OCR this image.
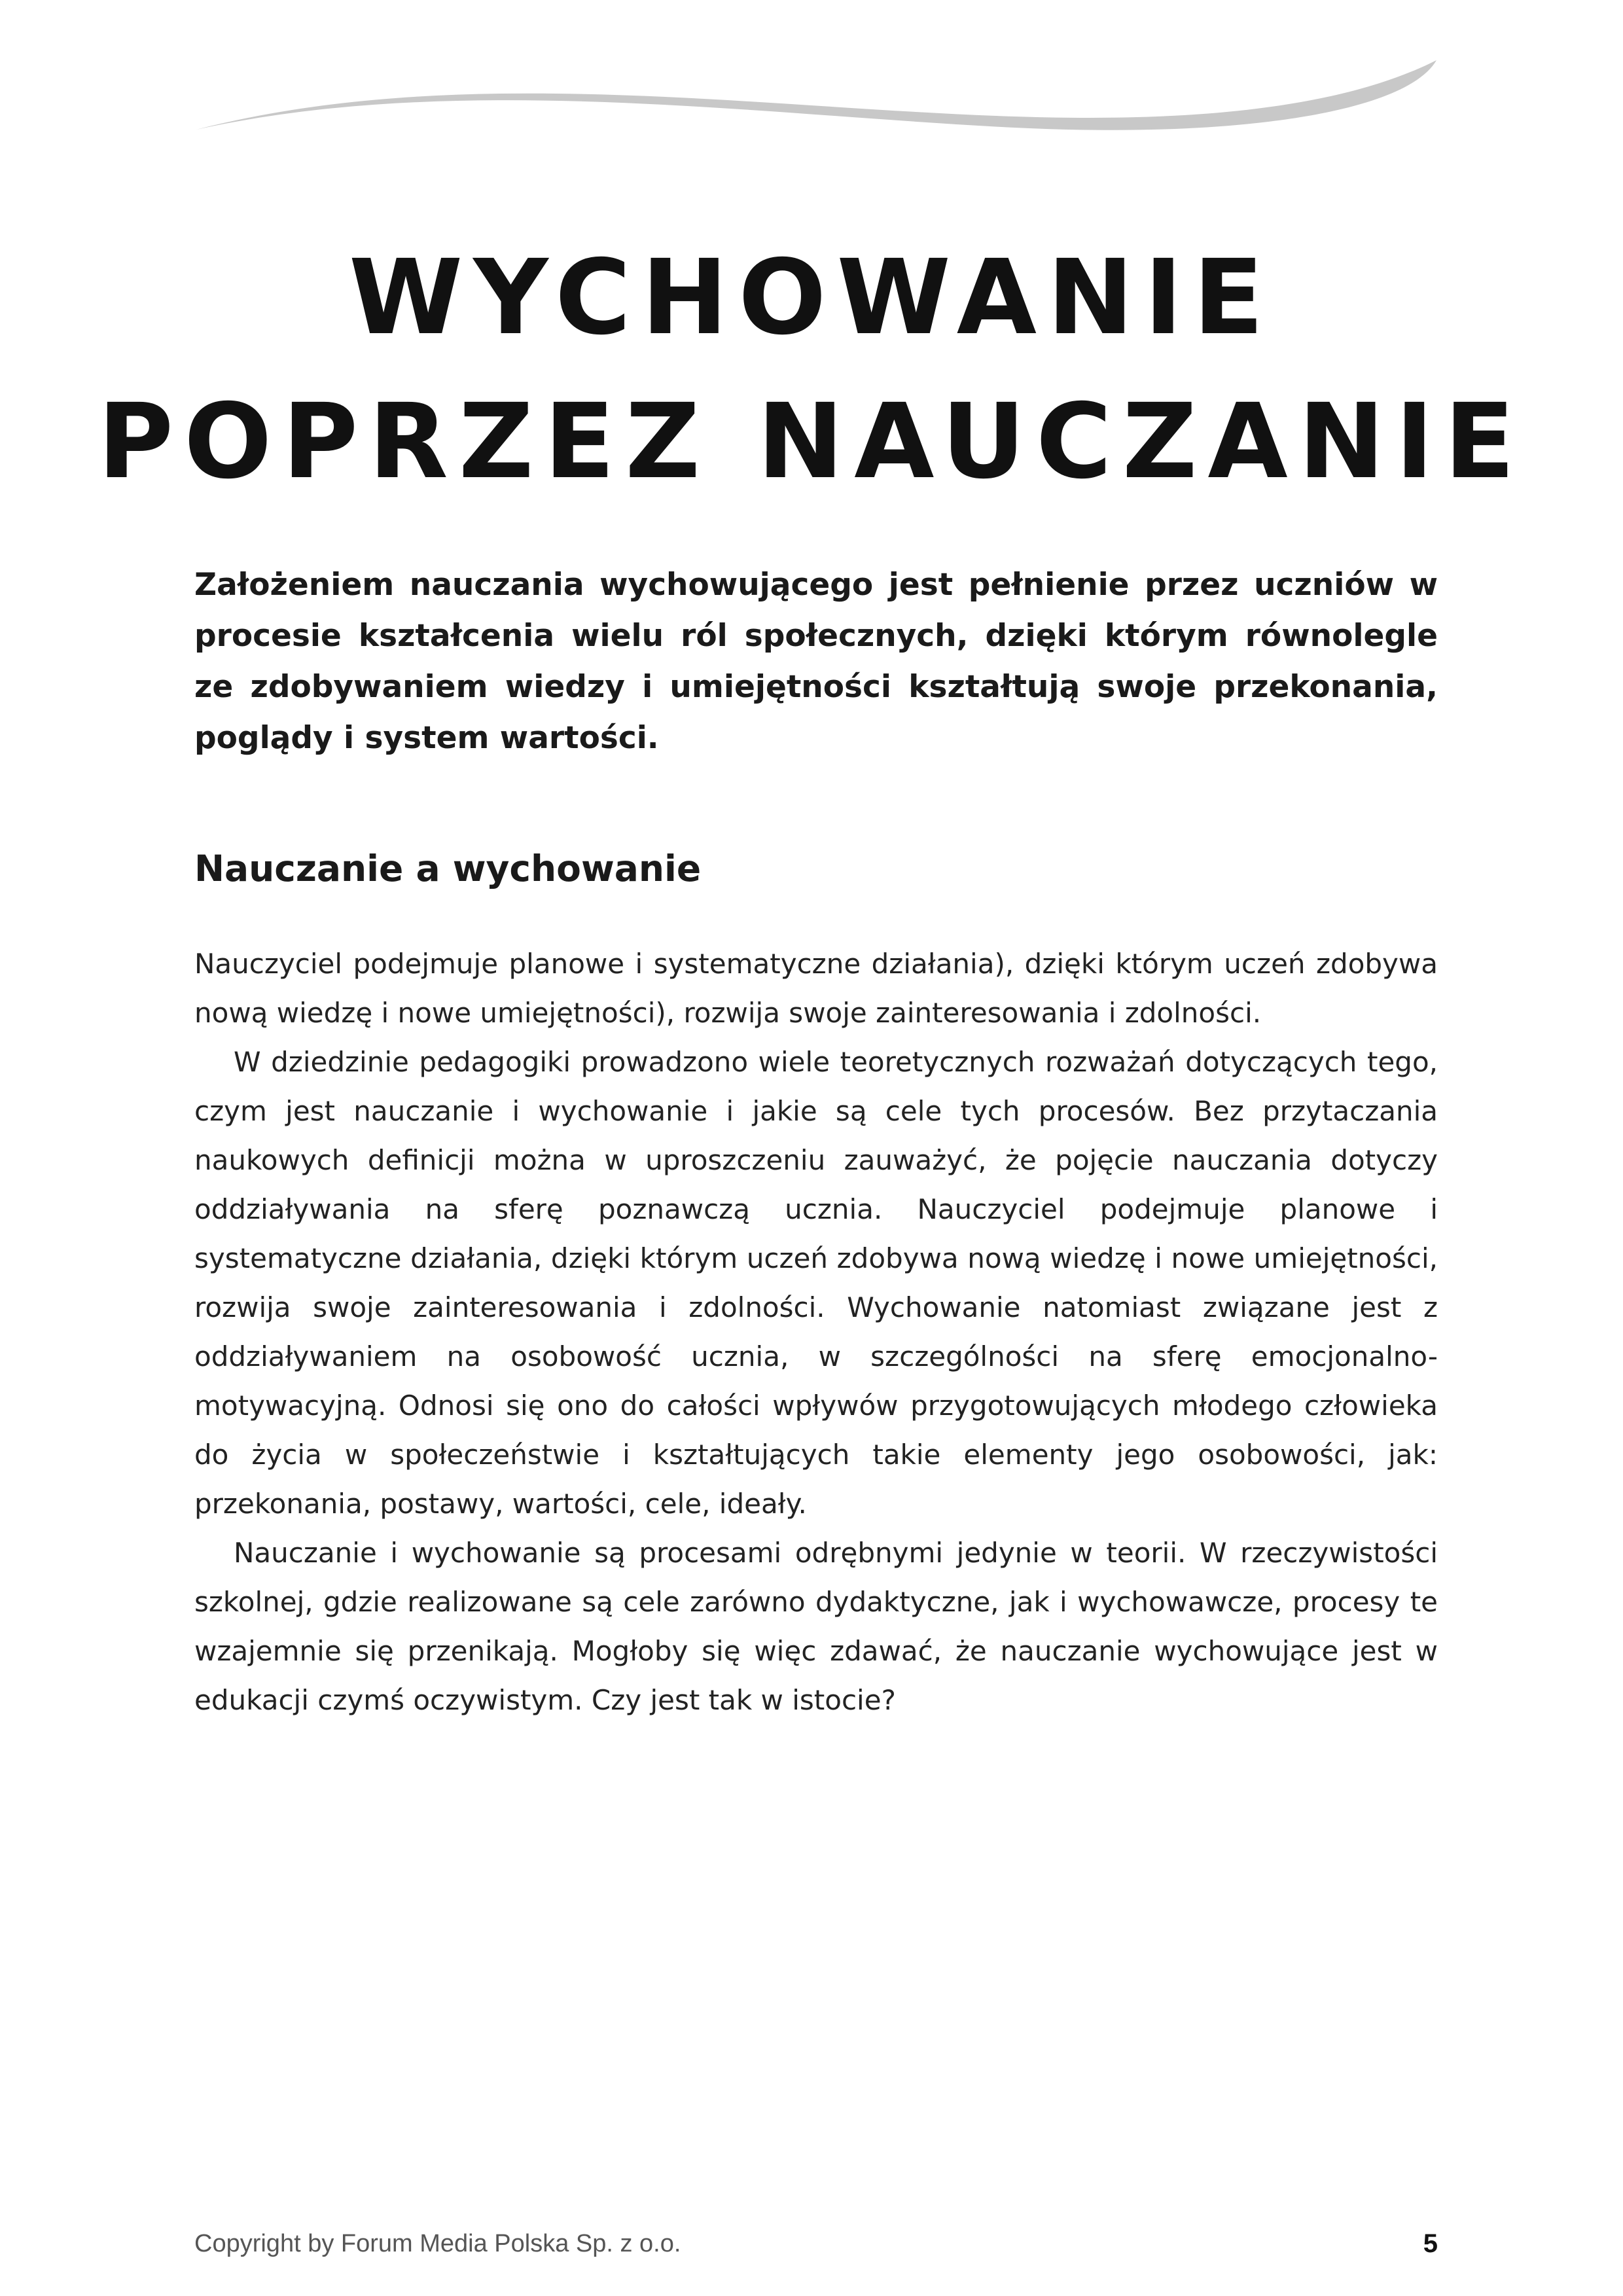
WYCHOWANIE
POPRZEZ NAUCZANIE

Założeniem nauczania wychowującego jest pełnienie przez uczniów w procesie kształcenia wielu ról społecznych, dzięki którym równolegle ze zdobywaniem wiedzy i umiejętności kształtują swoje przekonania, poglądy i system wartości.

Nauczanie a wychowanie

Nauczyciel podejmuje planowe i systematyczne działania), dzięki którym uczeń zdobywa nową wiedzę i nowe umiejętności), rozwija swoje zainteresowania i zdolności.

W dziedzinie pedagogiki prowadzono wiele teoretycznych rozważań dotyczących tego, czym jest nauczanie i wychowanie i jakie są cele tych procesów. Bez przytaczania naukowych definicji można w uproszczeniu zauważyć, że pojęcie nauczania dotyczy oddziaływania na sferę poznawczą ucznia. Nauczyciel podejmuje planowe i systematyczne działania, dzięki którym uczeń zdobywa nową wiedzę i nowe umiejętności, rozwija swoje zainteresowania i zdolności. Wychowanie natomiast związane jest z oddziaływaniem na osobowość ucznia, w szczególności na sferę emocjonalno-motywacyjną. Odnosi się ono do całości wpływów przygotowujących młodego człowieka do życia w społeczeństwie i kształtujących takie elementy jego osobowości, jak: przekonania, postawy, wartości, cele, ideały.

Nauczanie i wychowanie są procesami odrębnymi jedynie w teorii. W rzeczywistości szkolnej, gdzie realizowane są cele zarówno dydaktyczne, jak i wychowawcze, procesy te wzajemnie się przenikają. Mogłoby się więc zdawać, że nauczanie wychowujące jest w edukacji czymś oczywistym. Czy jest tak w istocie?

Copyright by Forum Media Polska Sp. z o.o.	5
